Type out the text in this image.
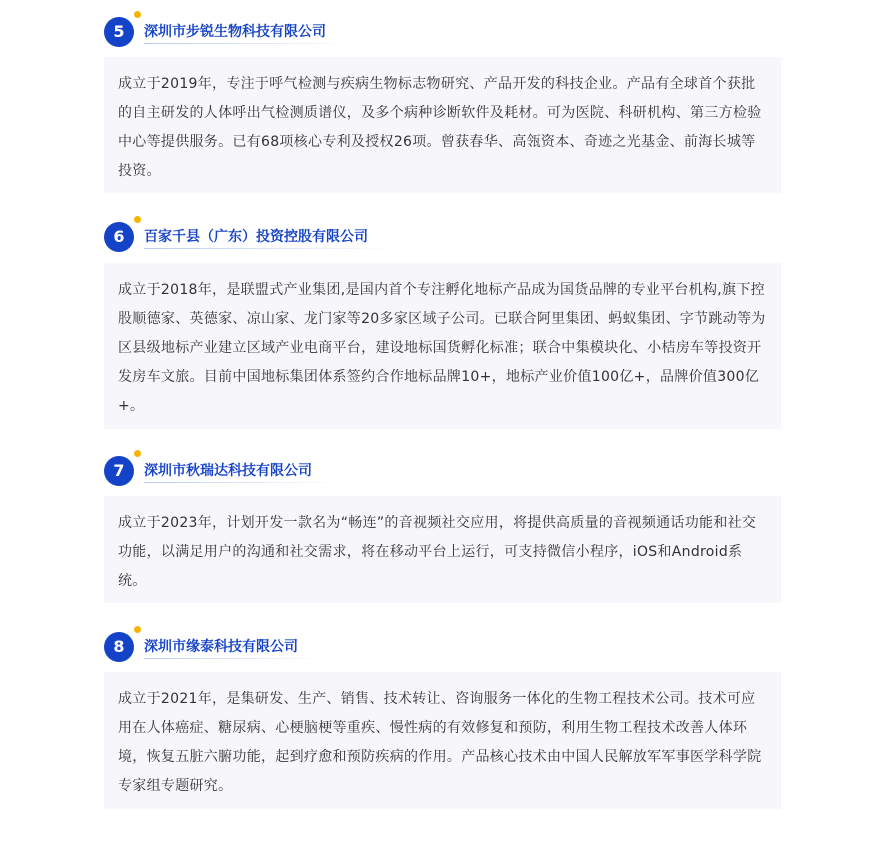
5	深圳市步锐生物科技有限公司
成立于2019年，专注于呼气检测与疾病生物标志物研究、产品开发的科技企业。产品有全球首个获批的自主研发的人体呼出气检测质谱仪，及多个病种诊断软件及耗材。可为医院、科研机构、第三方检验中心等提供服务。已有68项核心专利及授权26项。曾获春华、高瓴资本、奇迹之光基金、前海长城等投资。
6	百家千县（广东）投资控股有限公司
成立于2018年，是联盟式产业集团,是国内首个专注孵化地标产品成为国货品牌的专业平台机构,旗下控股顺德家、英德家、凉山家、龙门家等20多家区域子公司。已联合阿里集团、蚂蚁集团、字节跳动等为区县级地标产业建立区域产业电商平台，建设地标国货孵化标准；联合中集模块化、小桔房车等投资开发房车文旅。目前中国地标集团体系签约合作地标品牌10+，地标产业价值100亿+，品牌价值300亿+。
7	深圳市秋瑞达科技有限公司
成立于2023年，计划开发一款名为“畅连”的音视频社交应用，将提供高质量的音视频通话功能和社交功能，以满足用户的沟通和社交需求，将在移动平台上运行，可支持微信小程序，iOS和Android系统。
8	深圳市缘泰科技有限公司
成立于2021年，是集研发、生产、销售、技术转让、咨询服务一体化的生物工程技术公司。技术可应用在人体癌症、糖尿病、心梗脑梗等重疾、慢性病的有效修复和预防，利用生物工程技术改善人体环境，恢复五脏六腑功能，起到疗愈和预防疾病的作用。产品核心技术由中国人民解放军军事医学科学院专家组专题研究。
